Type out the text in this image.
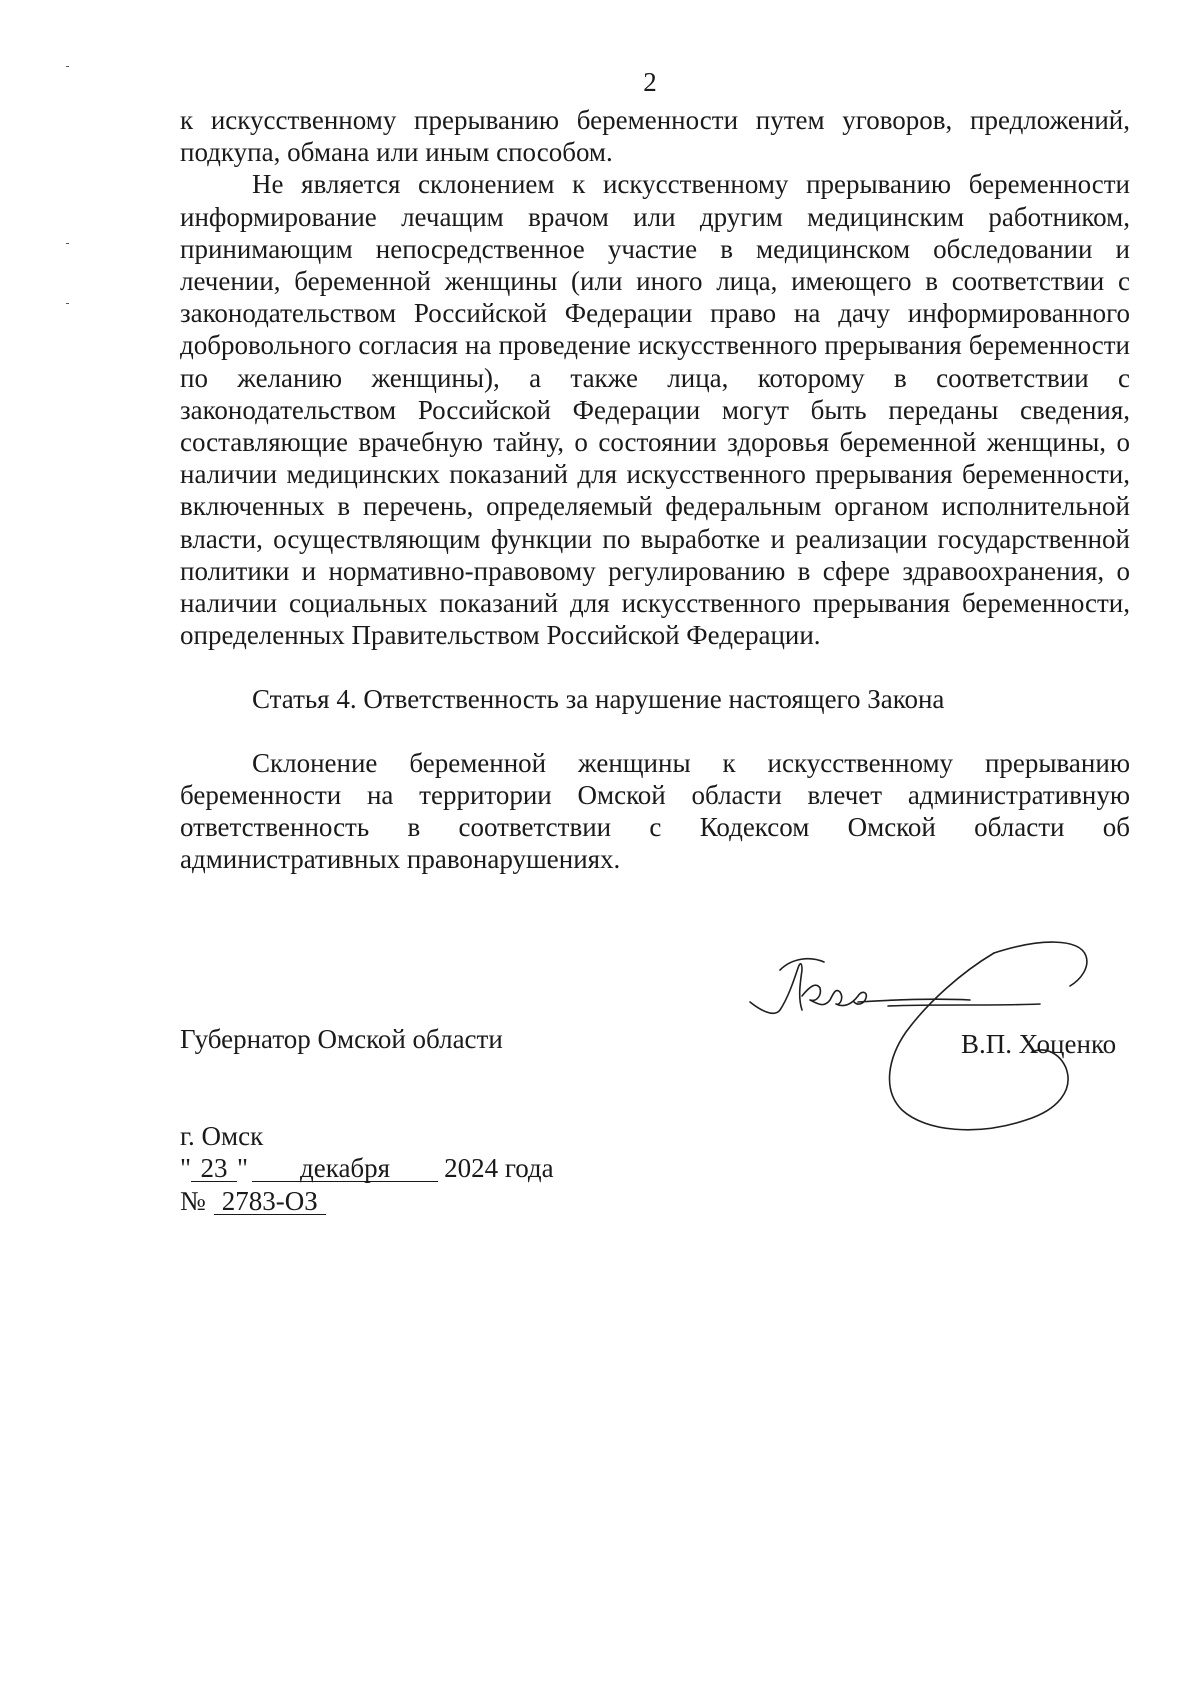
2

к искусственному прерыванию беременности путем уговоров, предложений, подкупа, обмана или иным способом.

Не является склонением к искусственному прерыванию беременности информирование лечащим врачом или другим медицинским работником, принимающим непосредственное участие в медицинском обследовании и лечении, беременной женщины (или иного лица, имеющего в соответствии с законодательством Российской Федерации право на дачу информированного добровольного согласия на проведение искусственного прерывания беременности по желанию женщины), а также лица, которому в соответствии с законодательством Российской Федерации могут быть переданы сведения, составляющие врачебную тайну, о состоянии здоровья беременной женщины, о наличии медицинских показаний для искусственного прерывания беременности, включенных в перечень, определяемый федеральным органом исполнительной власти, осуществляющим функции по выработке и реализации государственной политики и нормативно-правовому регулированию в сфере здравоохранения, о наличии социальных показаний для искусственного прерывания беременности, определенных Правительством Российской Федерации.

Статья 4. Ответственность за нарушение настоящего Закона

Склонение беременной женщины к искусственному прерыванию беременности на территории Омской области влечет административную ответственность в соответствии с Кодексом Омской области об административных правонарушениях.

Губернатор Омской области	В.П. Хоценко
г. Омск
" 23 " декабря 2024 года
№ 2783-ОЗ
